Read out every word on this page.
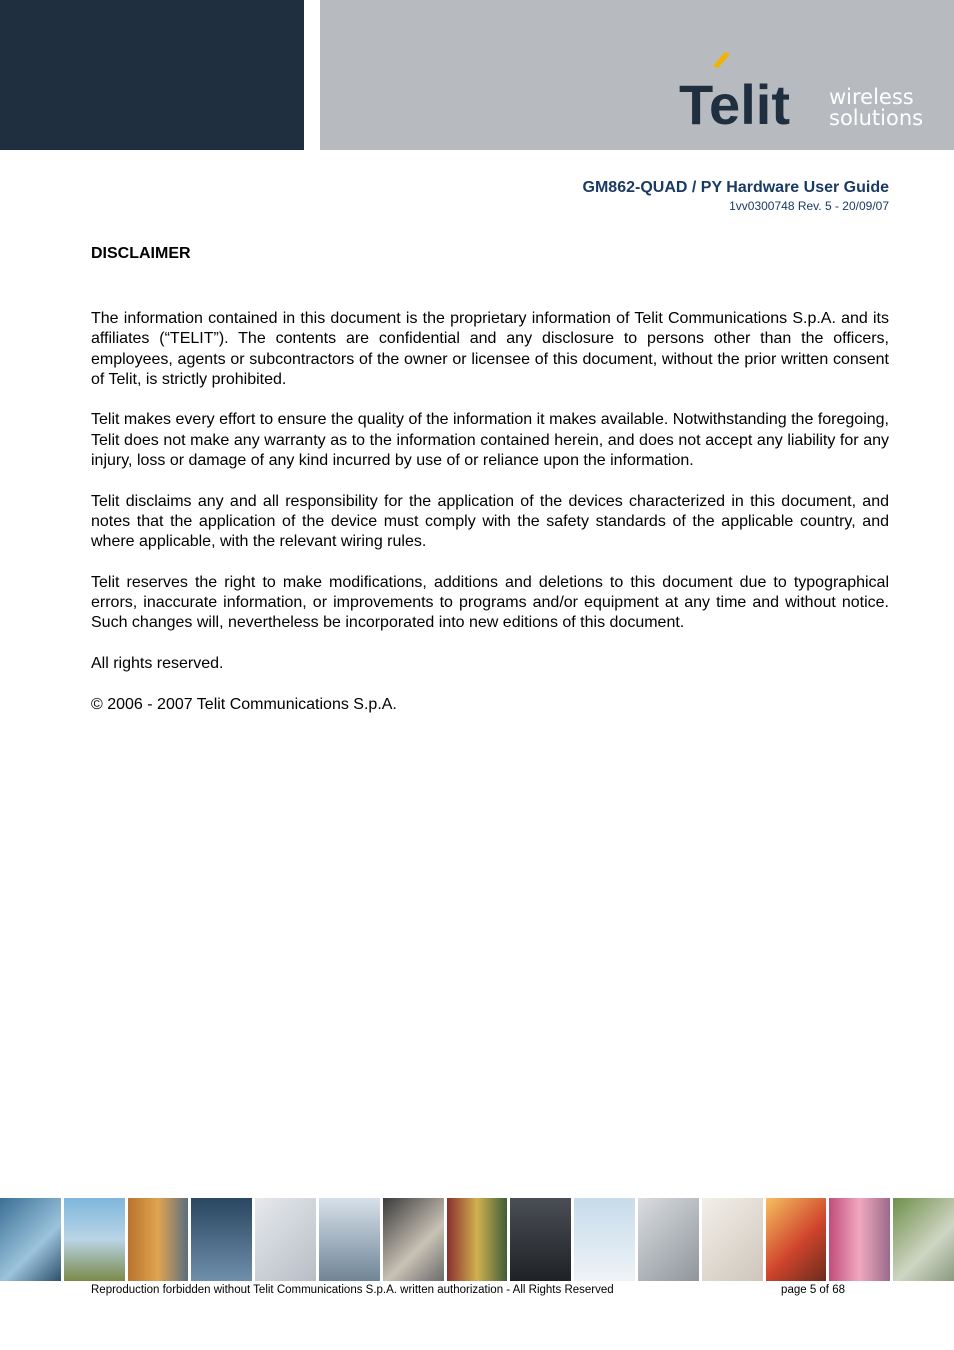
Telit wireless
solutions
GM862-QUAD / PY Hardware User Guide
1vv0300748 Rev. 5 - 20/09/07
DISCLAIMER

The information contained in this document is the proprietary information of Telit Communications S.p.A. and its affiliates (“TELIT”). The contents are confidential and any disclosure to persons other than the officers, employees, agents or subcontractors of the owner or licensee of this document, without the prior written consent of Telit, is strictly prohibited.

Telit makes every effort to ensure the quality of the information it makes available. Notwithstanding the foregoing, Telit does not make any warranty as to the information contained herein, and does not accept any liability for any injury, loss or damage of any kind incurred by use of or reliance upon the information.

Telit disclaims any and all responsibility for the application of the devices characterized in this document, and notes that the application of the device must comply with the safety standards of the applicable country, and where applicable, with the relevant wiring rules.

Telit reserves the right to make modifications, additions and deletions to this document due to typographical errors, inaccurate information, or improvements to programs and/or equipment at any time and without notice. Such changes will, nevertheless be incorporated into new editions of this document.

All rights reserved.

© 2006 - 2007 Telit Communications S.p.A.

Reproduction forbidden without Telit Communications S.p.A. written authorization - All Rights Reserved	page 5 of 68
